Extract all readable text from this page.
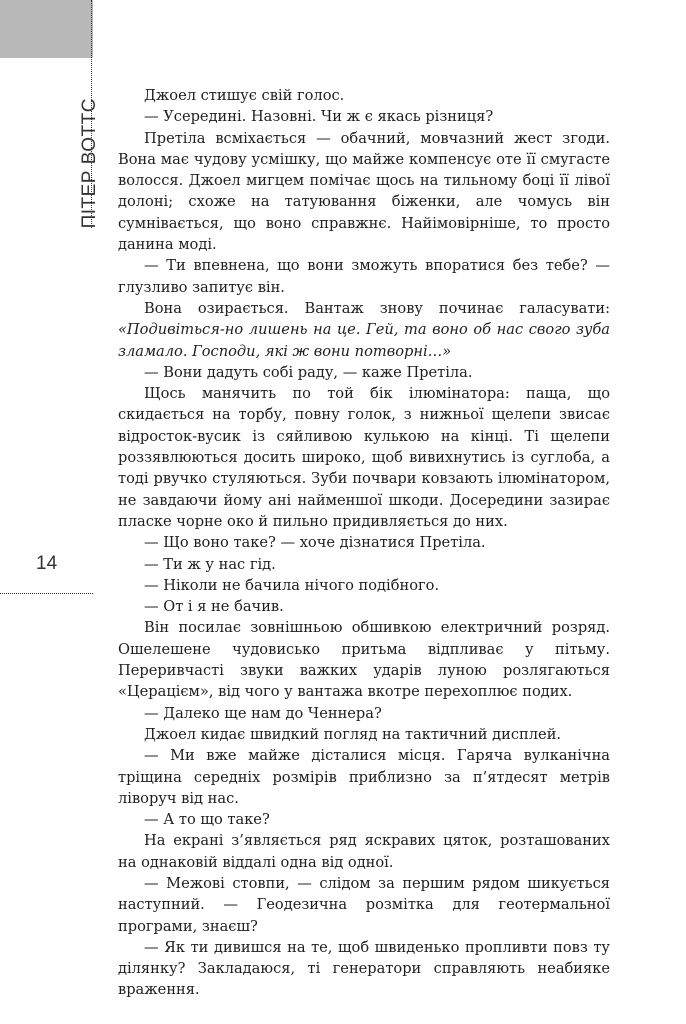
ПІТЕР ВОТТС
14

Джоел стишує свій голос.

— Усередині. Назовні. Чи ж є якась різниця?

Претіла всміхається — обачний, мовчазний жест згоди. Вона має чудову усмішку, що майже компенсує оте її смугасте волосся. Джоел мигцем помічає щось на тильному боці її лівої долоні; схоже на татуювання біженки, але чомусь він сумнівається, що воно справжнє. Найімовірніше, то просто данина моді.

— Ти впевнена, що вони зможуть впоратися без тебе? — глузливо запитує він.

Вона озирається. Вантаж знову починає галасувати: «Подивіться-но лишень на це. Гей, та воно об нас свого зуба зламало. Господи, які ж вони потворні…»

— Вони дадуть собі раду, — каже Претіла.

Щось манячить по той бік ілюмінатора: паща, що скидається на торбу, повну голок, з нижньої щелепи звисає відросток-вусик із сяйливою кулькою на кінці. Ті щелепи роззявлюються досить широко, щоб вивихнутись із суглоба, а тоді рвучко стуляються. Зуби почвари ковзають ілюмінатором, не завдаючи йому ані найменшої шкоди. Досередини зазирає пласке чорне око й пильно придивляється до них.

— Що воно таке? — хоче дізнатися Претіла.

— Ти ж у нас гід.

— Ніколи не бачила нічого подібного.

— От і я не бачив.

Він посилає зовнішньою обшивкою електричний розряд. Ошелешене чудовисько притьма відпливає у пітьму. Переривчасті звуки важких ударів луною розлягаються «Церацієм», від чого у вантажа вкотре перехоплює подих.

— Далеко ще нам до Ченнера?

Джоел кидає швидкий погляд на тактичний дисплей.

— Ми вже майже дісталися місця. Гаряча вулканічна тріщина середніх розмірів приблизно за п’ятдесят метрів ліворуч від нас.

— А то що таке?

На екрані з’являється ряд яскравих цяток, розташованих на однаковій віддалі одна від одної.

— Межові стовпи, — слідом за першим рядом шикується наступний. — Геодезична розмітка для геотермальної програми, знаєш?

— Як ти дивишся на те, щоб швиденько пропливти повз ту ділянку? Закладаюся, ті генератори справляють неабияке враження.
